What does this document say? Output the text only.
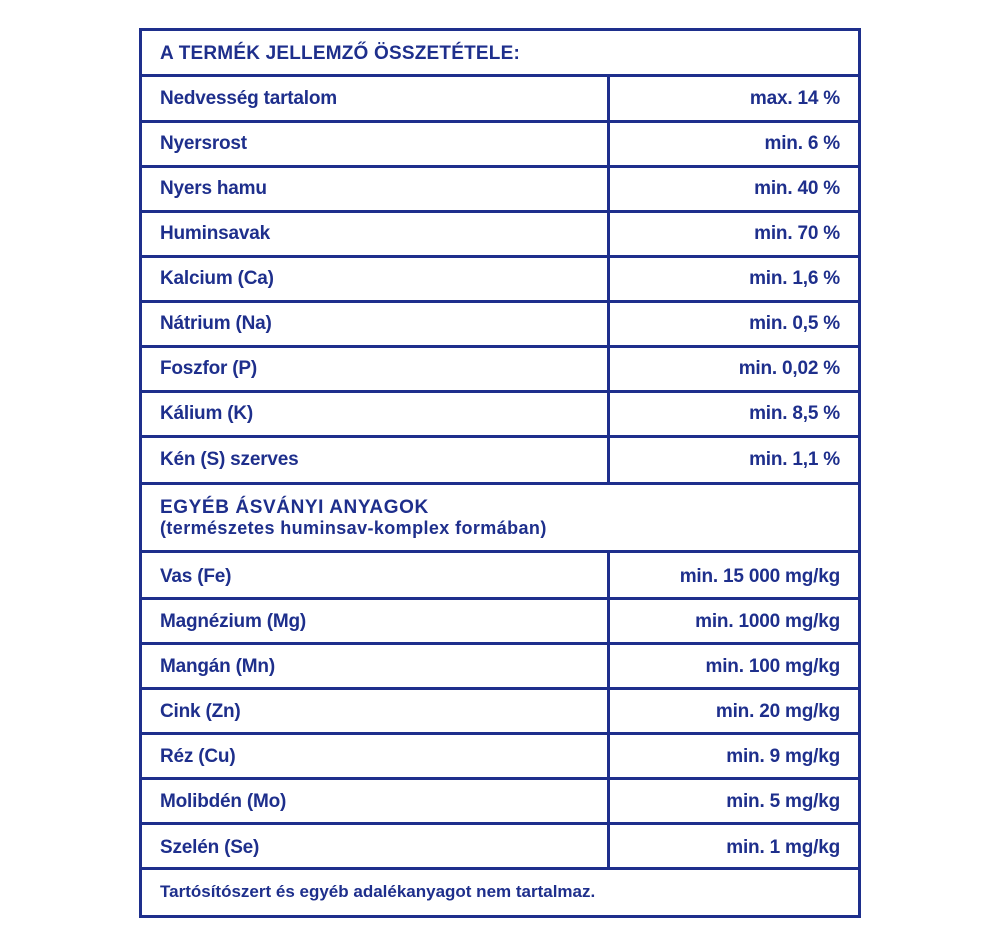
A TERMÉK JELLEMZŐ ÖSSZETÉTELE:
Nedvesség tartalom	max. 14 %
Nyersrost	min. 6 %
Nyers hamu	min. 40 %
Huminsavak	min. 70 %
Kalcium (Ca)	min. 1,6 %
Nátrium (Na)	min. 0,5 %
Foszfor (P)	min. 0,02 %
Kálium (K)	min. 8,5 %
Kén (S) szerves	min. 1,1 %
EGYÉB ÁSVÁNYI ANYAGOK
(természetes huminsav-komplex formában)
Vas (Fe)	min. 15 000 mg/kg
Magnézium (Mg)	min. 1000 mg/kg
Mangán (Mn)	min. 100 mg/kg
Cink (Zn)	min. 20 mg/kg
Réz (Cu)	min. 9 mg/kg
Molibdén (Mo)	min. 5 mg/kg
Szelén (Se)	min. 1 mg/kg
Tartósítószert és egyéb adalékanyagot nem tartalmaz.
